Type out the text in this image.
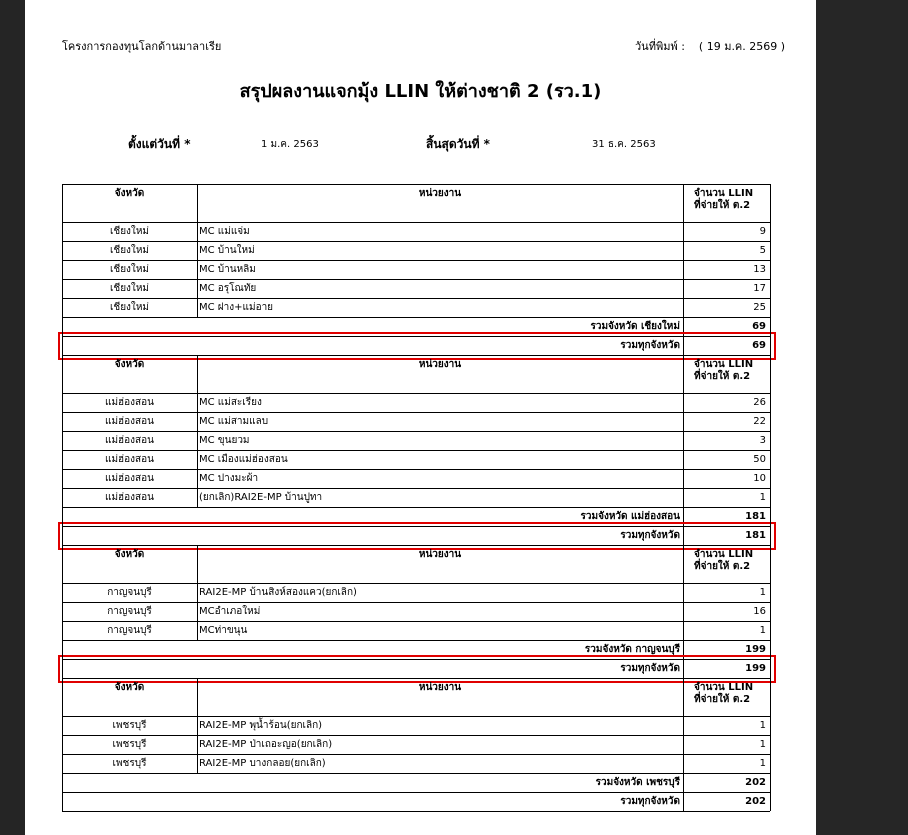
โครงการกองทุนโลกด้านมาลาเรีย	วันที่พิมพ์ : ( 19 ม.ค. 2569 )
สรุปผลงานแจกมุ้ง LLIN ให้ต่างชาติ 2 (รว.1)
ตั้งแต่วันที่ *	1 ม.ค. 2563	สิ้นสุดวันที่ *	31 ธ.ค. 2563
จังหวัด	หน่วยงาน	จำนวน LLIN
ที่จ่ายให้ ต.2
เชียงใหม่	MC แม่แจ่ม	9
เชียงใหม่	MC บ้านใหม่	5
เชียงใหม่	MC บ้านหลิม	13
เชียงใหม่	MC อรุโณทัย	17
เชียงใหม่	MC ฝาง+แม่อาย	25
รวมจังหวัด เชียงใหม่	69
รวมทุกจังหวัด	69
จังหวัด	หน่วยงาน	จำนวน LLIN
ที่จ่ายให้ ต.2
แม่ฮ่องสอน	MC แม่สะเรียง	26
แม่ฮ่องสอน	MC แม่สามแลบ	22
แม่ฮ่องสอน	MC ขุนยวม	3
แม่ฮ่องสอน	MC เมืองแม่ฮ่องสอน	50
แม่ฮ่องสอน	MC ปางมะผ้า	10
แม่ฮ่องสอน	(ยกเลิก)RAI2E-MP บ้านปูทา	1
รวมจังหวัด แม่ฮ่องสอน	181
รวมทุกจังหวัด	181
จังหวัด	หน่วยงาน	จำนวน LLIN
ที่จ่ายให้ ต.2
กาญจนบุรี	RAI2E-MP บ้านสิงห์สองแคว(ยกเลิก)	1
กาญจนบุรี	MCอำเภอใหม่	16
กาญจนบุรี	MCท่าขนุน	1
รวมจังหวัด กาญจนบุรี	199
รวมทุกจังหวัด	199
จังหวัด	หน่วยงาน	จำนวน LLIN
ที่จ่ายให้ ต.2
เพชรบุรี	RAI2E-MP พุน้ำร้อน(ยกเลิก)	1
เพชรบุรี	RAI2E-MP ป่าเถอะญอ(ยกเลิก)	1
เพชรบุรี	RAI2E-MP บางกลอย(ยกเลิก)	1
รวมจังหวัด เพชรบุรี	202
รวมทุกจังหวัด	202
